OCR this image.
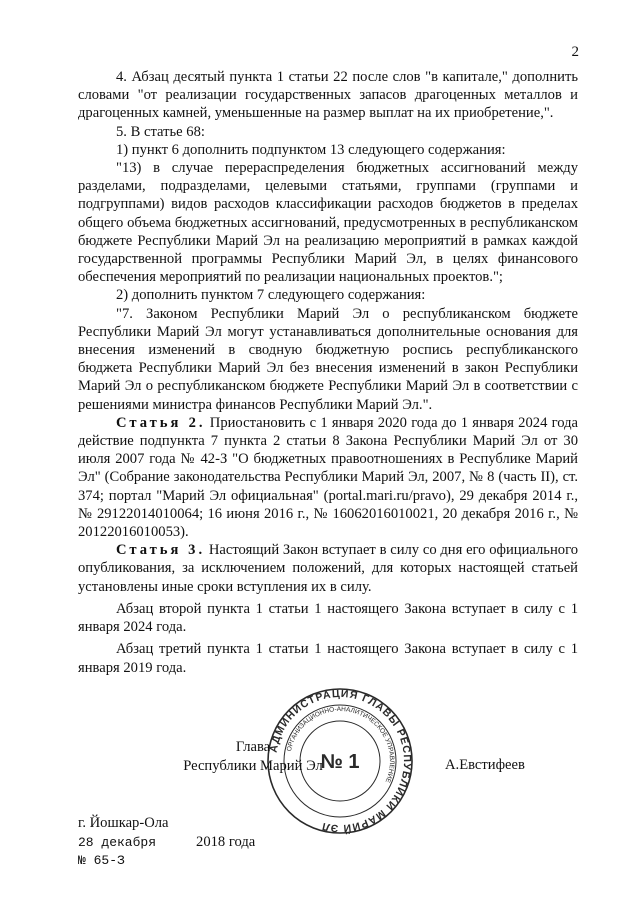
2

4. Абзац десятый пункта 1 статьи 22 после слов "в капитале," дополнить словами "от реализации государственных запасов драгоценных металлов и драгоценных камней, уменьшенные на размер выплат на их приобретение,".

5. В статье 68:

1) пункт 6 дополнить подпунктом 13 следующего содержания:

"13) в случае перераспределения бюджетных ассигнований между разделами, подразделами, целевыми статьями, группами (группами и подгруппами) видов расходов классификации расходов бюджетов в пределах общего объема бюджетных ассигнований, предусмотренных в республиканском бюджете Республики Марий Эл на реализацию мероприятий в рамках каждой государственной программы Республики Марий Эл, в целях финансового обеспечения мероприятий по реализации национальных проектов.";

2) дополнить пунктом 7 следующего содержания:

"7. Законом Республики Марий Эл о республиканском бюджете Республики Марий Эл могут устанавливаться дополнительные основания для внесения изменений в сводную бюджетную роспись республиканского бюджета Республики Марий Эл без внесения изменений в закон Республики Марий Эл о республиканском бюджете Республики Марий Эл в соответствии с решениями министра финансов Республики Марий Эл.".

Статья 2. Приостановить с 1 января 2020 года до 1 января 2024 года действие подпункта 7 пункта 2 статьи 8 Закона Республики Марий Эл от 30 июля 2007 года № 42-З "О бюджетных правоотношениях в Республике Марий Эл" (Собрание законодательства Республики Марий Эл, 2007, № 8 (часть II), ст. 374; портал "Марий Эл официальная" (portal.mari.ru/pravo), 29 декабря 2014 г., № 29122014010064; 16 июня 2016 г., № 16062016010021, 20 декабря 2016 г., № 20122016010053).

Статья 3. Настоящий Закон вступает в силу со дня его официального опубликования, за исключением положений, для которых настоящей статьей установлены иные сроки вступления их в силу.

Абзац второй пункта 1 статьи 1 настоящего Закона вступает в силу с 1 января 2024 года.

Абзац третий пункта 1 статьи 1 настоящего Закона вступает в силу с 1 января 2019 года.

АДМИНИСТРАЦИЯ ГЛАВЫ РЕСПУБЛИКИ МАРИЙ ЭЛ
ОРГАНИЗАЦИОННО-АНАЛИТИЧЕСКОЕ УПРАВЛЕНИЕ
№ 1
Глава
Республики Марий Эл	А.Евстифеев
г. Йошкар-Ола
28 декабря	2018 года
№ 65-З
